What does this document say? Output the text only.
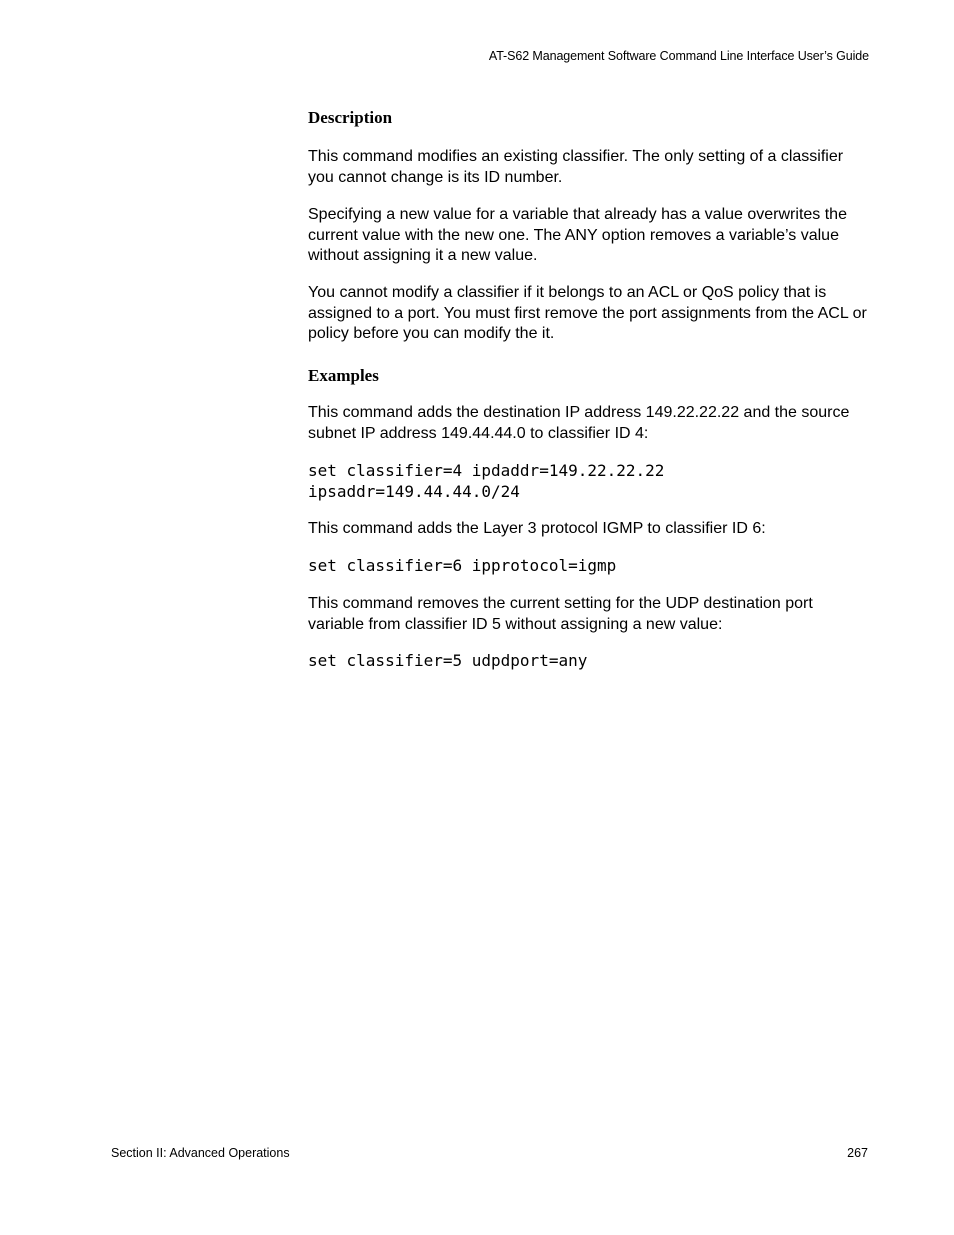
AT-S62 Management Software Command Line Interface User’s Guide
Description
This command modifies an existing classifier. The only setting of a classifier you cannot change is its ID number.
Specifying a new value for a variable that already has a value overwrites the current value with the new one. The ANY option removes a variable’s value without assigning it a new value.
You cannot modify a classifier if it belongs to an ACL or QoS policy that is assigned to a port. You must first remove the port assignments from the ACL or policy before you can modify the it.
Examples
This command adds the destination IP address 149.22.22.22 and the source subnet IP address 149.44.44.0 to classifier ID 4:
set classifier=4 ipdaddr=149.22.22.22
ipsaddr=149.44.44.0/24
This command adds the Layer 3 protocol IGMP to classifier ID 6:
set classifier=6 ipprotocol=igmp
This command removes the current setting for the UDP destination port variable from classifier ID 5 without assigning a new value:
set classifier=5 udpdport=any
Section II: Advanced Operations	267
